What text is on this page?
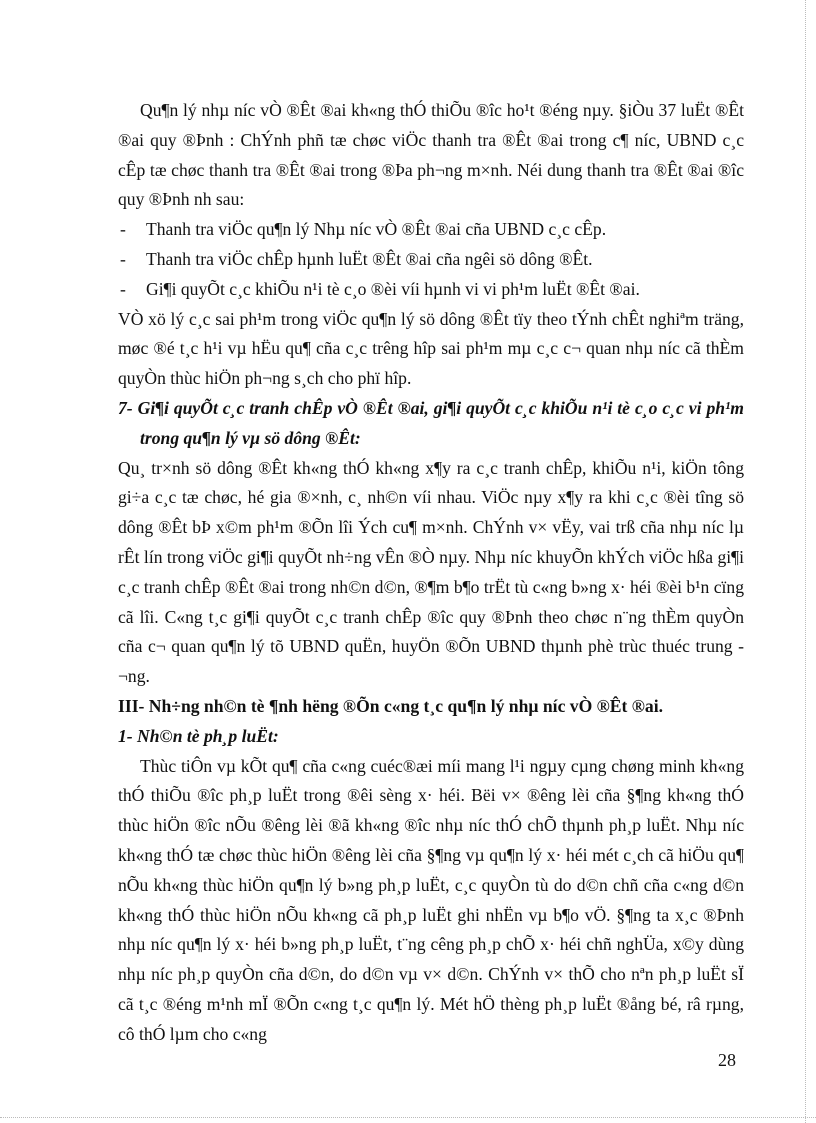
Qu¶n lý nhµ níc vÒ ®Êt ®ai kh«ng thÓ thiÕu ®îc ho¹t ®éng nµy. §iÒu 37 luËt ®Êt ®ai quy ®Þnh : ChÝnh phñ tæ chøc viÖc thanh tra ®Êt ®ai trong c¶ níc, UBND c¸c cÊp tæ chøc thanh tra ®Êt ®ai trong ®Þa ph¬ng m×nh. Néi dung thanh tra ®Êt ®ai ®îc quy ®Þnh nh sau:

-	Thanh tra viÖc qu¶n lý Nhµ níc vÒ ®Êt ®ai cña UBND c¸c cÊp.
-	Thanh tra viÖc chÊp hµnh luËt ®Êt ®ai cña ngêi sö dông ®Êt.
-	Gi¶i quyÕt c¸c khiÕu n¹i tè c¸o ®èi víi hµnh vi vi ph¹m luËt ®Êt ®ai.

VÒ xö lý c¸c sai ph¹m trong viÖc qu¶n lý sö dông ®Êt tïy theo tÝnh chÊt nghiªm träng, møc ®é t¸c h¹i vµ hËu qu¶ cña c¸c trêng hîp sai ph¹m mµ c¸c c¬ quan nhµ níc cã thÈm quyÒn thùc hiÖn ph¬ng s¸ch cho phï hîp.

7- Gi¶i quyÕt c¸c tranh chÊp vÒ ®Êt ®ai, gi¶i quyÕt c¸c khiÕu n¹i tè c¸o c¸c vi ph¹m trong qu¶n lý vµ sö dông ®Êt:

Qu¸ tr×nh sö dông ®Êt kh«ng thÓ kh«ng x¶y ra c¸c tranh chÊp, khiÕu n¹i, kiÖn tông gi÷a c¸c tæ chøc, hé gia ®×nh, c¸ nh©n víi nhau. ViÖc nµy x¶y ra khi c¸c ®èi tîng sö dông ®Êt bÞ x©m ph¹m ®Õn lîi Ých cu¶ m×nh. ChÝnh v× vËy, vai trß cña nhµ níc lµ rÊt lín trong viÖc gi¶i quyÕt nh÷ng vÊn ®Ò nµy. Nhµ níc khuyÕn khÝch viÖc hßa gi¶i c¸c tranh chÊp ®Êt ®ai trong nh©n d©n, ®¶m b¶o trËt tù c«ng b»ng x· héi ®èi b¹n cïng cã lîi. C«ng t¸c gi¶i quyÕt c¸c tranh chÊp ®îc quy ®Þnh theo chøc n¨ng thÈm quyÒn cña c¬ quan qu¶n lý tõ UBND quËn, huyÖn ®Õn UBND thµnh phè trùc thuéc trung ¬ng.

III- Nh÷ng nh©n tè ¶nh hëng ®Õn c«ng t¸c qu¶n lý nhµ níc vÒ ®Êt ®ai.

1- Nh©n tè ph¸p luËt:

Thùc tiÔn vµ kÕt qu¶ cña c«ng cuéc®æi míi mang l¹i ngµy cµng chøng minh kh«ng thÓ thiÕu ®îc ph¸p luËt trong ®êi sèng x· héi. Bëi v× ®êng lèi cña §¶ng kh«ng thÓ thùc hiÖn ®îc nÕu ®êng lèi ®ã kh«ng ®îc nhµ níc thÓ chÕ thµnh ph¸p luËt. Nhµ níc kh«ng thÓ tæ chøc thùc hiÖn ®êng lèi cña §¶ng vµ qu¶n lý x· héi mét c¸ch cã hiÖu qu¶ nÕu kh«ng thùc hiÖn qu¶n lý b»ng ph¸p luËt, c¸c quyÒn tù do d©n chñ cña c«ng d©n kh«ng thÓ thùc hiÖn nÕu kh«ng cã ph¸p luËt ghi nhËn vµ b¶o vÖ. §¶ng ta x¸c ®Þnh nhµ níc qu¶n lý x· héi b»ng ph¸p luËt, t¨ng cêng ph¸p chÕ x· héi chñ nghÜa, x©y dùng nhµ níc ph¸p quyÒn cña d©n, do d©n vµ v× d©n. ChÝnh v× thÕ cho nªn ph¸p luËt sÏ cã t¸c ®éng m¹nh mÏ ®Õn c«ng t¸c qu¶n lý. Mét hÖ thèng ph¸p luËt ®ång bé, râ rµng, cô thÓ lµm cho c«ng

28
